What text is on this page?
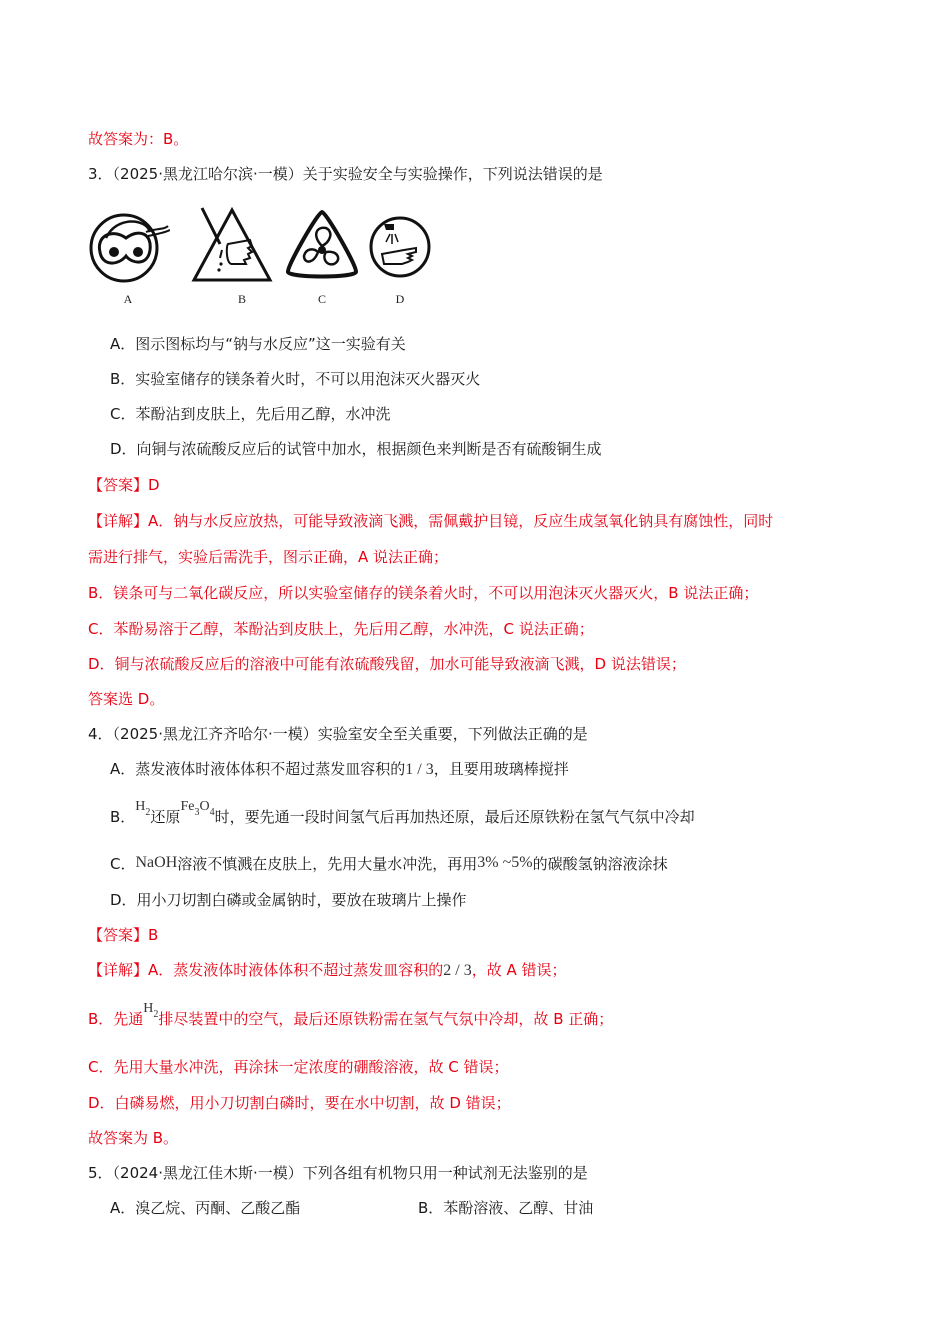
故答案为：B。
3．（2025·黑龙江哈尔滨·一模）关于实验安全与实验操作，下列说法错误的是
A	B	C	D
A．图示图标均与“钠与水反应”这一实验有关
B．实验室储存的镁条着火时，不可以用泡沫灭火器灭火
C．苯酚沾到皮肤上，先后用乙醇，水冲洗
D．向铜与浓硫酸反应后的试管中加水，根据颜色来判断是否有硫酸铜生成
【答案】D
【详解】A．钠与水反应放热，可能导致液滴飞溅，需佩戴护目镜，反应生成氢氧化钠具有腐蚀性，同时
需进行排气，实验后需洗手，图示正确，A 说法正确；
B．镁条可与二氧化碳反应，所以实验室储存的镁条着火时，不可以用泡沫灭火器灭火，B 说法正确；
C．苯酚易溶于乙醇，苯酚沾到皮肤上，先后用乙醇，水冲洗，C 说法正确；
D．铜与浓硫酸反应后的溶液中可能有浓硫酸残留，加水可能导致液滴飞溅，D 说法错误；
答案选 D。
4．（2025·黑龙江齐齐哈尔·一模）实验室安全至关重要，下列做法正确的是
A．蒸发液体时液体体积不超过蒸发皿容积的1 / 3，且要用玻璃棒搅拌
B．$H_2$还原$Fe_3O_4$时，要先通一段时间氢气后再加热还原，最后还原铁粉在氢气气氛中冷却
C．NaOH溶液不慎溅在皮肤上，先用大量水冲洗，再用3% ~5%的碳酸氢钠溶液涂抹
D．用小刀切割白磷或金属钠时，要放在玻璃片上操作
【答案】B
【详解】A．蒸发液体时液体体积不超过蒸发皿容积的2 / 3，故 A 错误；
B．先通$H_2$排尽装置中的空气，最后还原铁粉需在氢气气氛中冷却，故 B 正确；
C．先用大量水冲洗，再涂抹一定浓度的硼酸溶液，故 C 错误；
D．白磷易燃，用小刀切割白磷时，要在水中切割，故 D 错误；
故答案为 B。
5．（2024·黑龙江佳木斯·一模）下列各组有机物只用一种试剂无法鉴别的是
A．溴乙烷、丙酮、乙酸乙酯	B．苯酚溶液、乙醇、甘油
